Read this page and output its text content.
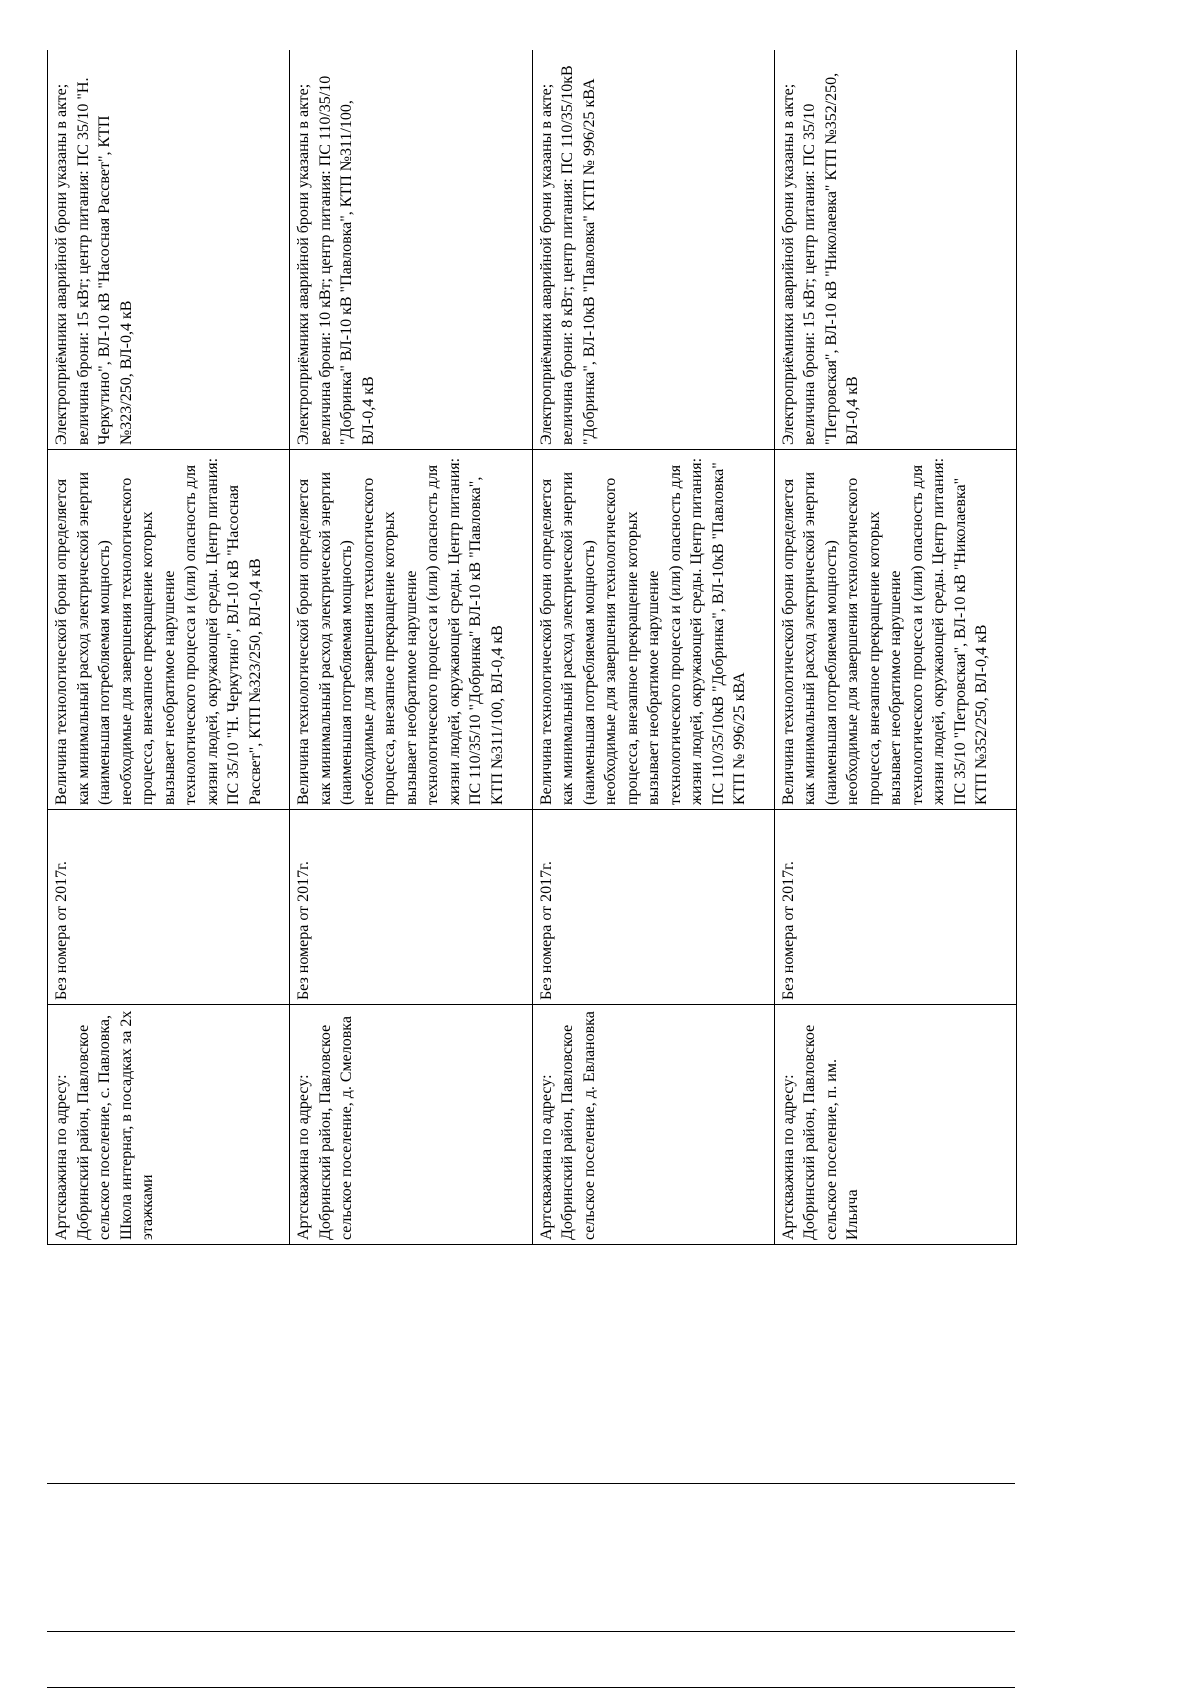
Артскважина по адресу: Добринский район, Павловское сельское поселение, с. Павловка, Школа интернат, в посадках за 2х этажками	Без номера от 2017г.	Величина технологической брони определяется как минимальный расход электрической энергии (наименьшая потребляемая мощность) необходимые для завершения технологического процесса, внезапное прекращение которых вызывает необратимое нарушение технологического процесса и (или) опасность для жизни людей, окружающей среды. Центр питания: ПС 35/10 "Н. Черкутино", ВЛ-10 кВ "Насосная Рассвет", КТП №323/250, ВЛ-0,4 кВ	Электроприёмники аварийной брони указаны в акте; величина брони: 15 кВт; центр питания: ПС 35/10 "Н. Черкутино", ВЛ-10 кВ "Насосная Рассвет", КТП №323/250, ВЛ-0,4 кВ
Артскважина по адресу: Добринский район, Павловское сельское поселение, д. Смеловка	Без номера от 2017г.	Величина технологической брони определяется как минимальный расход электрической энергии (наименьшая потребляемая мощность) необходимые для завершения технологического процесса, внезапное прекращение которых вызывает необратимое нарушение технологического процесса и (или) опасность для жизни людей, окружающей среды. Центр питания: ПС 110/35/10 "Добринка" ВЛ-10 кВ "Павловка", КТП №311/100, ВЛ-0,4 кВ	Электроприёмники аварийной брони указаны в акте; величина брони: 10 кВт; центр питания: ПС 110/35/10 "Добринка" ВЛ-10 кВ "Павловка", КТП №311/100, ВЛ-0,4 кВ
Артскважина по адресу: Добринский район, Павловское сельское поселение, д. Евлановка	Без номера от 2017г.	Величина технологической брони определяется как минимальный расход электрической энергии (наименьшая потребляемая мощность) необходимые для завершения технологического процесса, внезапное прекращение которых вызывает необратимое нарушение технологического процесса и (или) опасность для жизни людей, окружающей среды. Центр питания: ПС 110/35/10кВ "Добринка", ВЛ-10кВ "Павловка" КТП № 996/25 кВА	Электроприёмники аварийной брони указаны в акте; величина брони: 8 кВт; центр питания: ПС 110/35/10кВ "Добринка", ВЛ-10кВ "Павловка" КТП № 996/25 кВА
Артскважина по адресу: Добринский район, Павловское сельское поселение, п. им. Ильича	Без номера от 2017г.	Величина технологической брони определяется как минимальный расход электрической энергии (наименьшая потребляемая мощность) необходимые для завершения технологического процесса, внезапное прекращение которых вызывает необратимое нарушение технологического процесса и (или) опасность для жизни людей, окружающей среды. Центр питания: ПС 35/10 "Петровская", ВЛ-10 кВ "Николаевка" КТП №352/250, ВЛ-0,4 кВ	Электроприёмники аварийной брони указаны в акте; величина брони: 15 кВт; центр питания: ПС 35/10 "Петровская", ВЛ-10 кВ "Николаевка" КТП №352/250, ВЛ-0,4 кВ
